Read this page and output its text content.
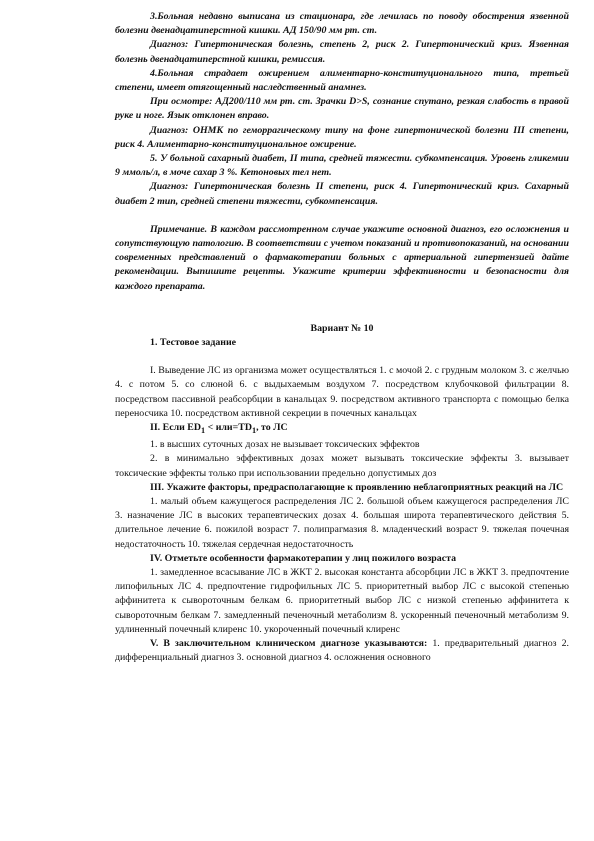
3.Больная недавно выписана из стационара, где лечилась по поводу обострения язвенной болезни двенадцатиперстной кишки. АД 150/90 мм рт. ст.

Диагноз: Гипертоническая болезнь, степень 2, риск 2. Гипертонический криз. Язвенная болезнь двенадцатиперстной кишки, ремиссия.

4.Больная страдает ожирением алиментарно-конституционального типа, третьей степени, имеет отягощенный наследственный анамнез.

При осмотре: АД200/110 мм рт. ст. Зрачки D>S, сознание спутано, резкая слабость в правой руке и ноге. Язык отклонен вправо.

Диагноз: ОНМК по геморрагическому типу на фоне гипертонической болезни III степени, риск 4. Алиментарно-конституциональное ожирение.

5. У больной сахарный диабет, II типа, средней тяжести. субкомпенсация. Уровень гликемии 9 ммоль/л, в моче сахар 3 %. Кетоновых тел нет.

Диагноз: Гипертоническая болезнь II степени, риск 4. Гипертонический криз. Сахарный диабет 2 тип, средней степени тяжести, субкомпенсация.

Примечание. В каждом рассмотренном случае укажите основной диагноз, его осложнения и сопутствующую патологию. В соответствии с учетом показаний и противопоказаний, на основании современных представлений о фармакотерапии больных с артериальной гипертензией дайте рекомендации. Выпишите рецепты. Укажите критерии эффективности и безопасности для каждого препарата.

Вариант № 10

1. Тестовое задание

I. Выведение ЛС из организма может осуществляться 1. с мочой 2. с грудным молоком 3. с желчью 4. с потом 5. со слюной 6. с выдыхаемым воздухом 7. посредством клубочковой фильтрации 8. посредством пассивной реабсорбции в канальцах 9. посредством активного транспорта с помощью белка переносчика 10. посредством активной секреции в почечных канальцах

II. Если $ED_1 < или=TD_1$, то ЛС

1. в высших суточных дозах не вызывает токсических эффектов

2. в минимально эффективных дозах может вызывать токсические эффекты 3. вызывает токсические эффекты только при использовании предельно допустимых доз

III. Укажите факторы, предрасполагающие к проявлению неблагоприятных реакций на ЛС

1. малый объем кажущегося распределения ЛС 2. большой объем кажущегося распределения ЛС 3. назначение ЛС в высоких терапевтических дозах 4. большая широта терапевтического действия 5. длительное лечение 6. пожилой возраст 7. полипрагмазия 8. младенческий возраст 9. тяжелая почечная недостаточность 10. тяжелая сердечная недостаточность

IV. Отметьте особенности фармакотерапии у лиц пожилого возраста

1. замедленное всасывание ЛС в ЖКТ 2. высокая константа абсорбции ЛС в ЖКТ 3. предпочтение липофильных ЛС 4. предпочтение гидрофильных ЛС 5. приоритетный выбор ЛС с высокой степенью аффинитета к сывороточным белкам 6. приоритетный выбор ЛС с низкой степенью аффинитета к сывороточным белкам 7. замедленный печеночный метаболизм 8. ускоренный печеночный метаболизм 9. удлиненный почечный клиренс 10. укороченный почечный клиренс

V. В заключительном клиническом диагнозе указываются: 1. предварительный диагноз 2. дифференциальный диагноз 3. основной диагноз 4. осложнения основного
